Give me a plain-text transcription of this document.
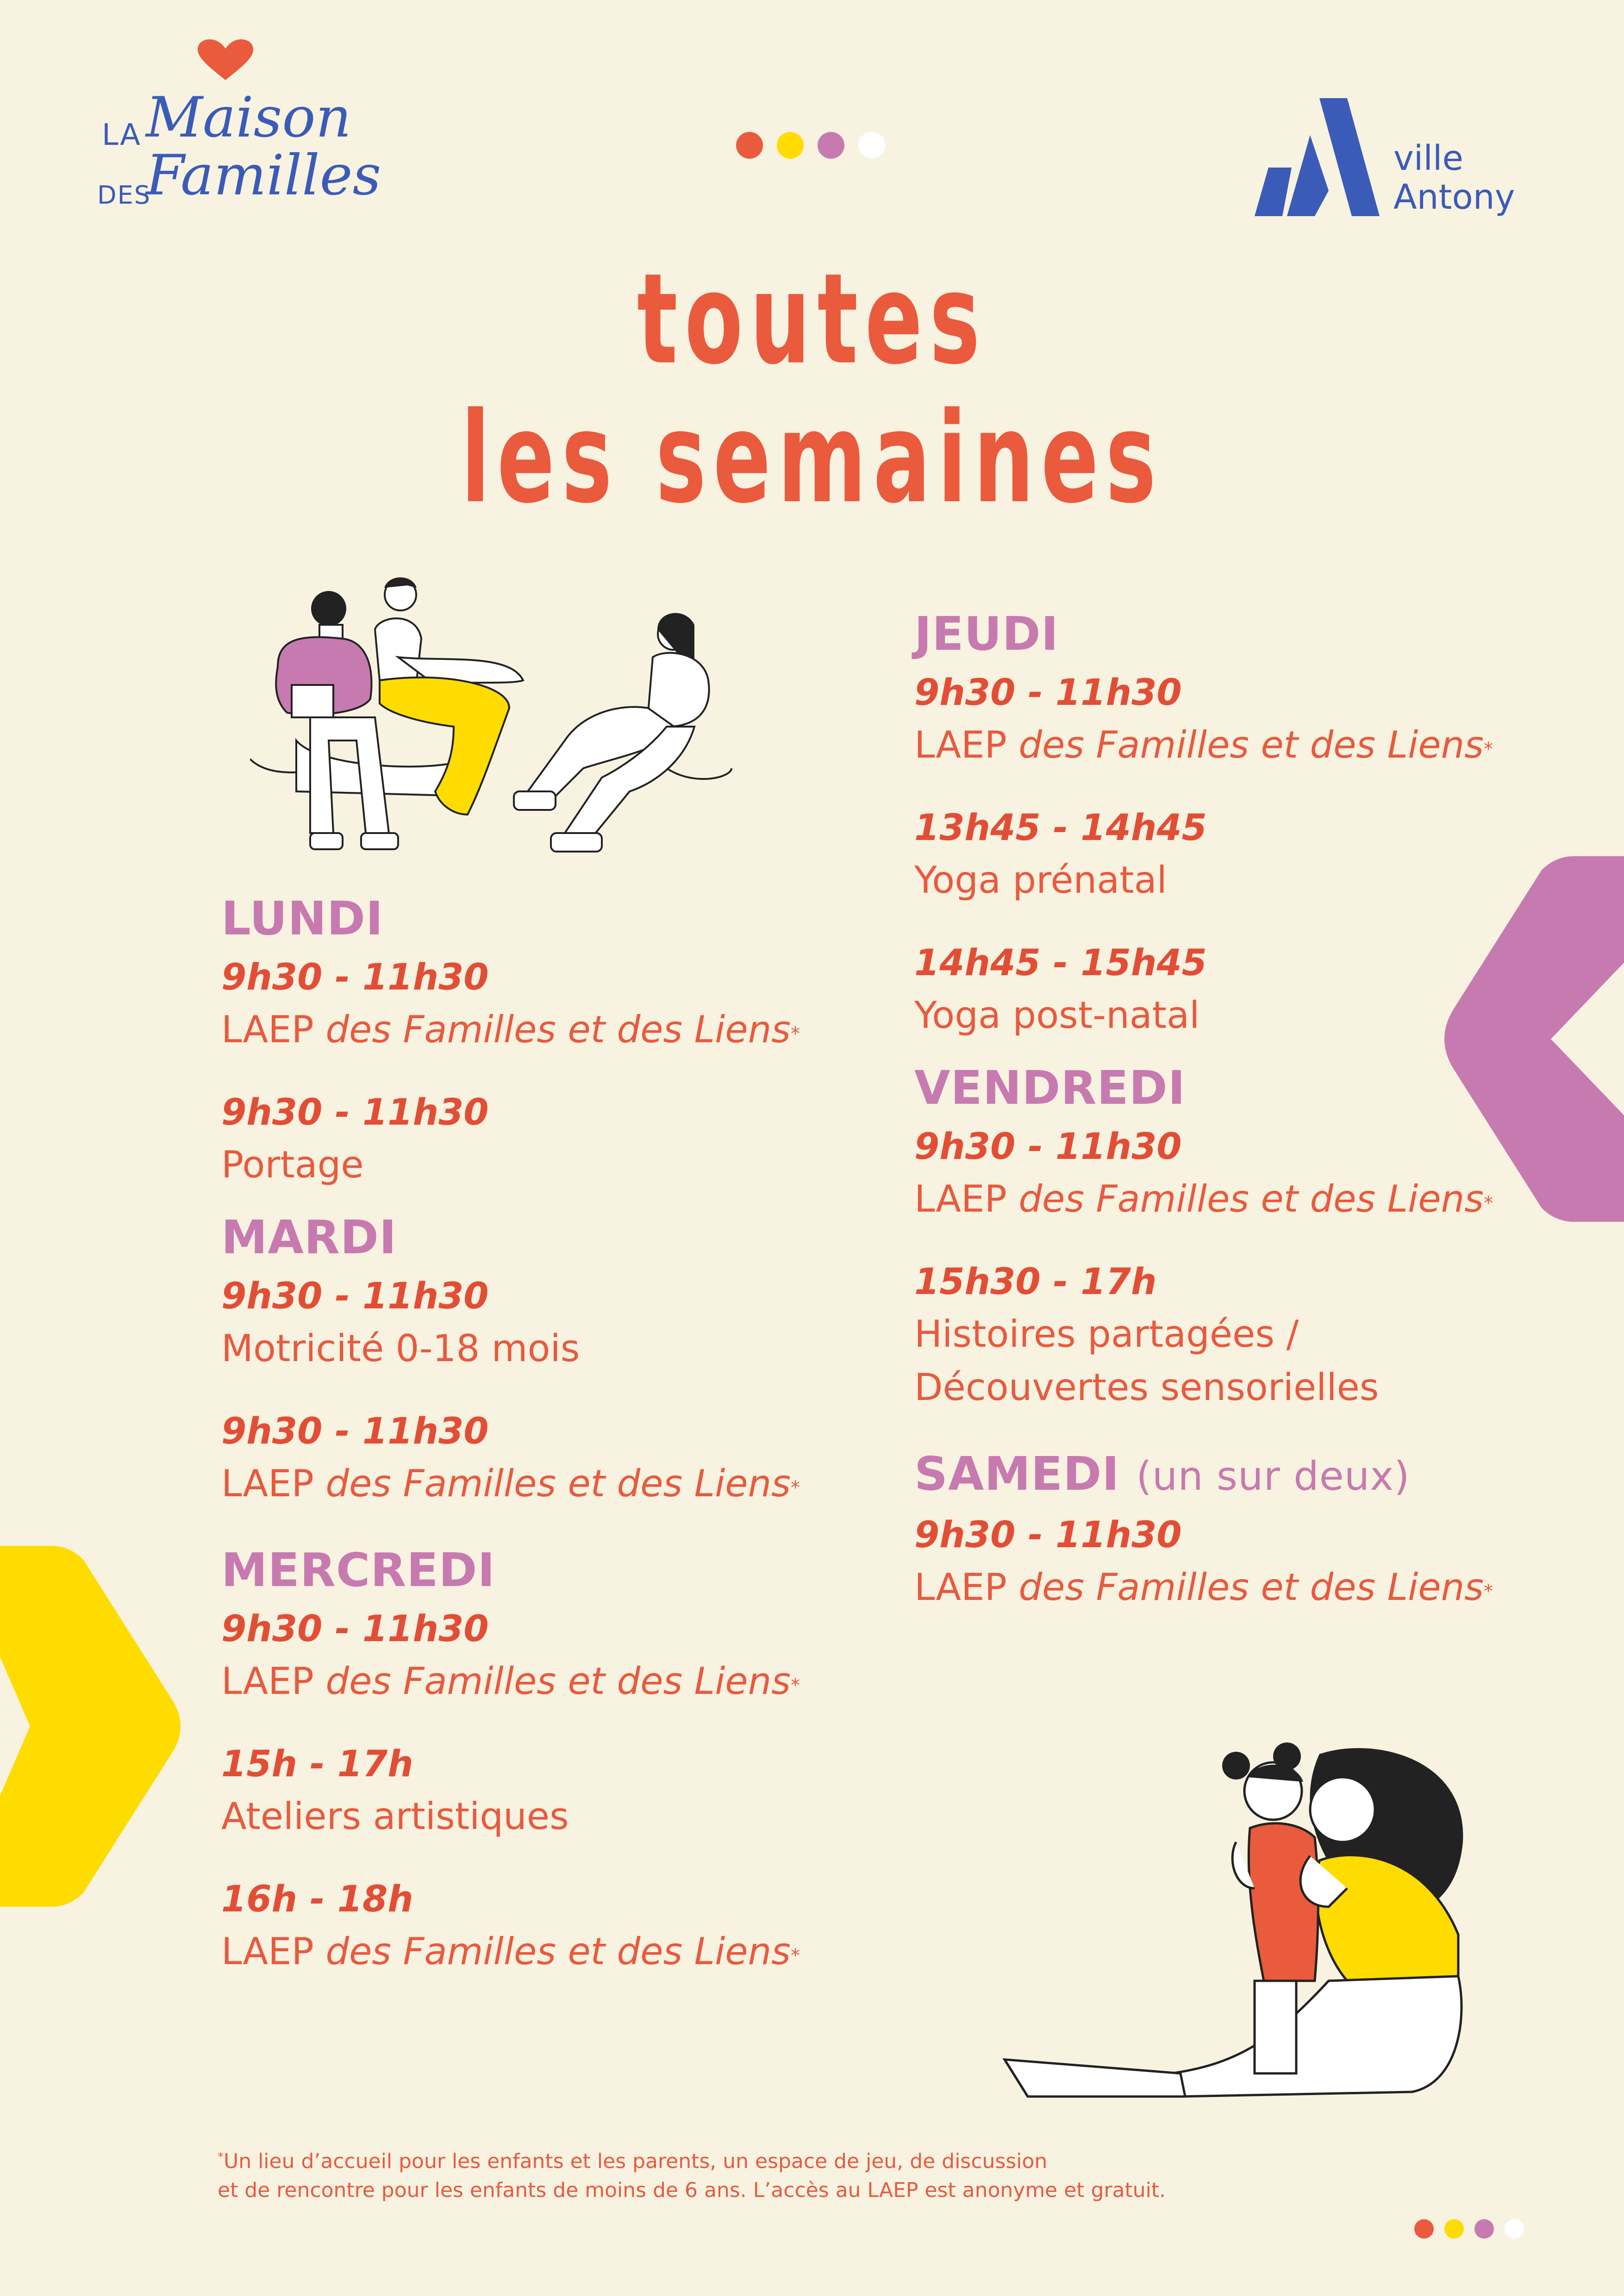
LA Maison
DES
Familles	ville
Antony
toutes
les semaines
LUNDI
9h30 - 11h30
LAEP des Familles et des Liens*
9h30 - 11h30
Portage
MARDI
9h30 - 11h30
Motricité 0-18 mois
9h30 - 11h30
LAEP des Familles et des Liens*
MERCREDI
9h30 - 11h30
LAEP des Familles et des Liens*
15h - 17h
Ateliers artistiques
16h - 18h
LAEP des Familles et des Liens*
JEUDI
9h30 - 11h30
LAEP des Familles et des Liens*
13h45 - 14h45
Yoga prénatal
14h45 - 15h45
Yoga post-natal
VENDREDI
9h30 - 11h30
LAEP des Familles et des Liens*
15h30 - 17h
Histoires partagées /
Découvertes sensorielles
SAMEDI (un sur deux)
9h30 - 11h30
LAEP des Familles et des Liens*
*Un lieu d’accueil pour les enfants et les parents, un espace de jeu, de discussion
et de rencontre pour les enfants de moins de 6 ans. L’accès au LAEP est anonyme et gratuit.
